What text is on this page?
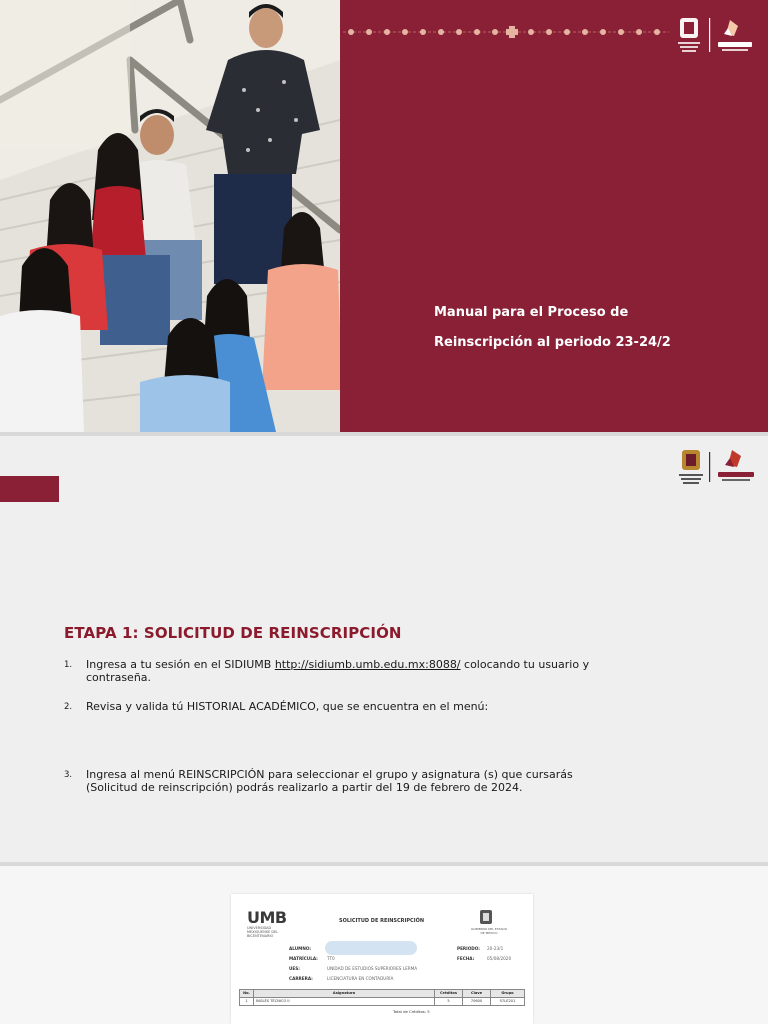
Manual para el Proceso de
Reinscripción al periodo 23-24/2
ETAPA 1: SOLICITUD DE REINSCRIPCIÓN
1.	Ingresa a tu sesión en el SIDIUMB http://sidiumb.umb.edu.mx:8088/ colocando tu usuario y contraseña.
2.	Revisa y valida tú HISTORIAL ACADÉMICO, que se encuentra en el menú:
3.	Ingresa al menú REINSCRIPCIÓN para seleccionar el grupo y asignatura (s) que cursarás (Solicitud de reinscripción) podrás realizarlo a partir del 19 de febrero de 2024.
UMB
UNIVERSIDAD MEXIQUENSE DEL BICENTENARIO
SOLICITUD DE REINSCRIPCIÓN
GOBIERNO DEL ESTADO DE MÉXICO
ALUMNO:
MATRÍCULA: TT0
UES:	UNIDAD DE ESTUDIOS SUPERIORES LERMA
CARRERA:	LICENCIATURA EN CONTADURÍA
PERIODO: 20-23/1
FECHA:	05/08/2020
No.	Asignatura	Créditos	Clave	Grupo
1	INGLÉS TÉCNICO II	5	70600	57LE201
Total de Créditos: 5
